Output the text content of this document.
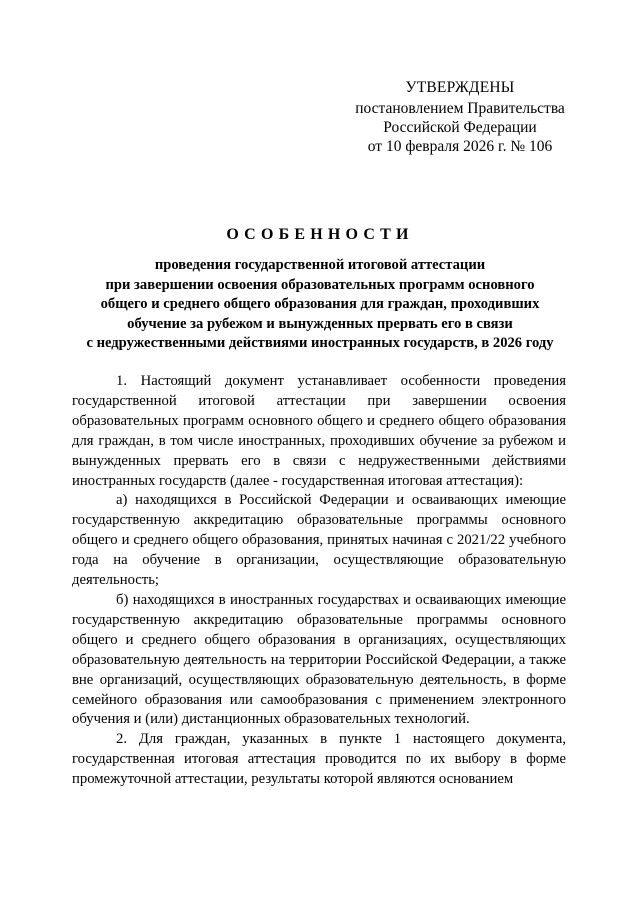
УТВЕРЖДЕНЫ
постановлением Правительства
Российской Федерации
от 10 февраля 2026 г. № 106
ОСОБЕННОСТИ
проведения государственной итоговой аттестации
при завершении освоения образовательных программ основного
общего и среднего общего образования для граждан, проходивших
обучение за рубежом и вынужденных прервать его в связи
с недружественными действиями иностранных государств, в 2026 году

1. Настоящий документ устанавливает особенности проведения государственной итоговой аттестации при завершении освоения образовательных программ основного общего и среднего общего образования для граждан, в том числе иностранных, проходивших обучение за рубежом и вынужденных прервать его в связи с недружественными действиями иностранных государств (далее - государственная итоговая аттестация):

а) находящихся в Российской Федерации и осваивающих имеющие государственную аккредитацию образовательные программы основного общего и среднего общего образования, принятых начиная с 2021/22 учебного года на обучение в организации, осуществляющие образовательную деятельность;

б) находящихся в иностранных государствах и осваивающих имеющие государственную аккредитацию образовательные программы основного общего и среднего общего образования в организациях, осуществляющих образовательную деятельность на территории Российской Федерации, а также вне организаций, осуществляющих образовательную деятельность, в форме семейного образования или самообразования с применением электронного обучения и (или) дистанционных образовательных технологий.

2. Для граждан, указанных в пункте 1 настоящего документа, государственная итоговая аттестация проводится по их выбору в форме промежуточной аттестации, результаты которой являются основанием
